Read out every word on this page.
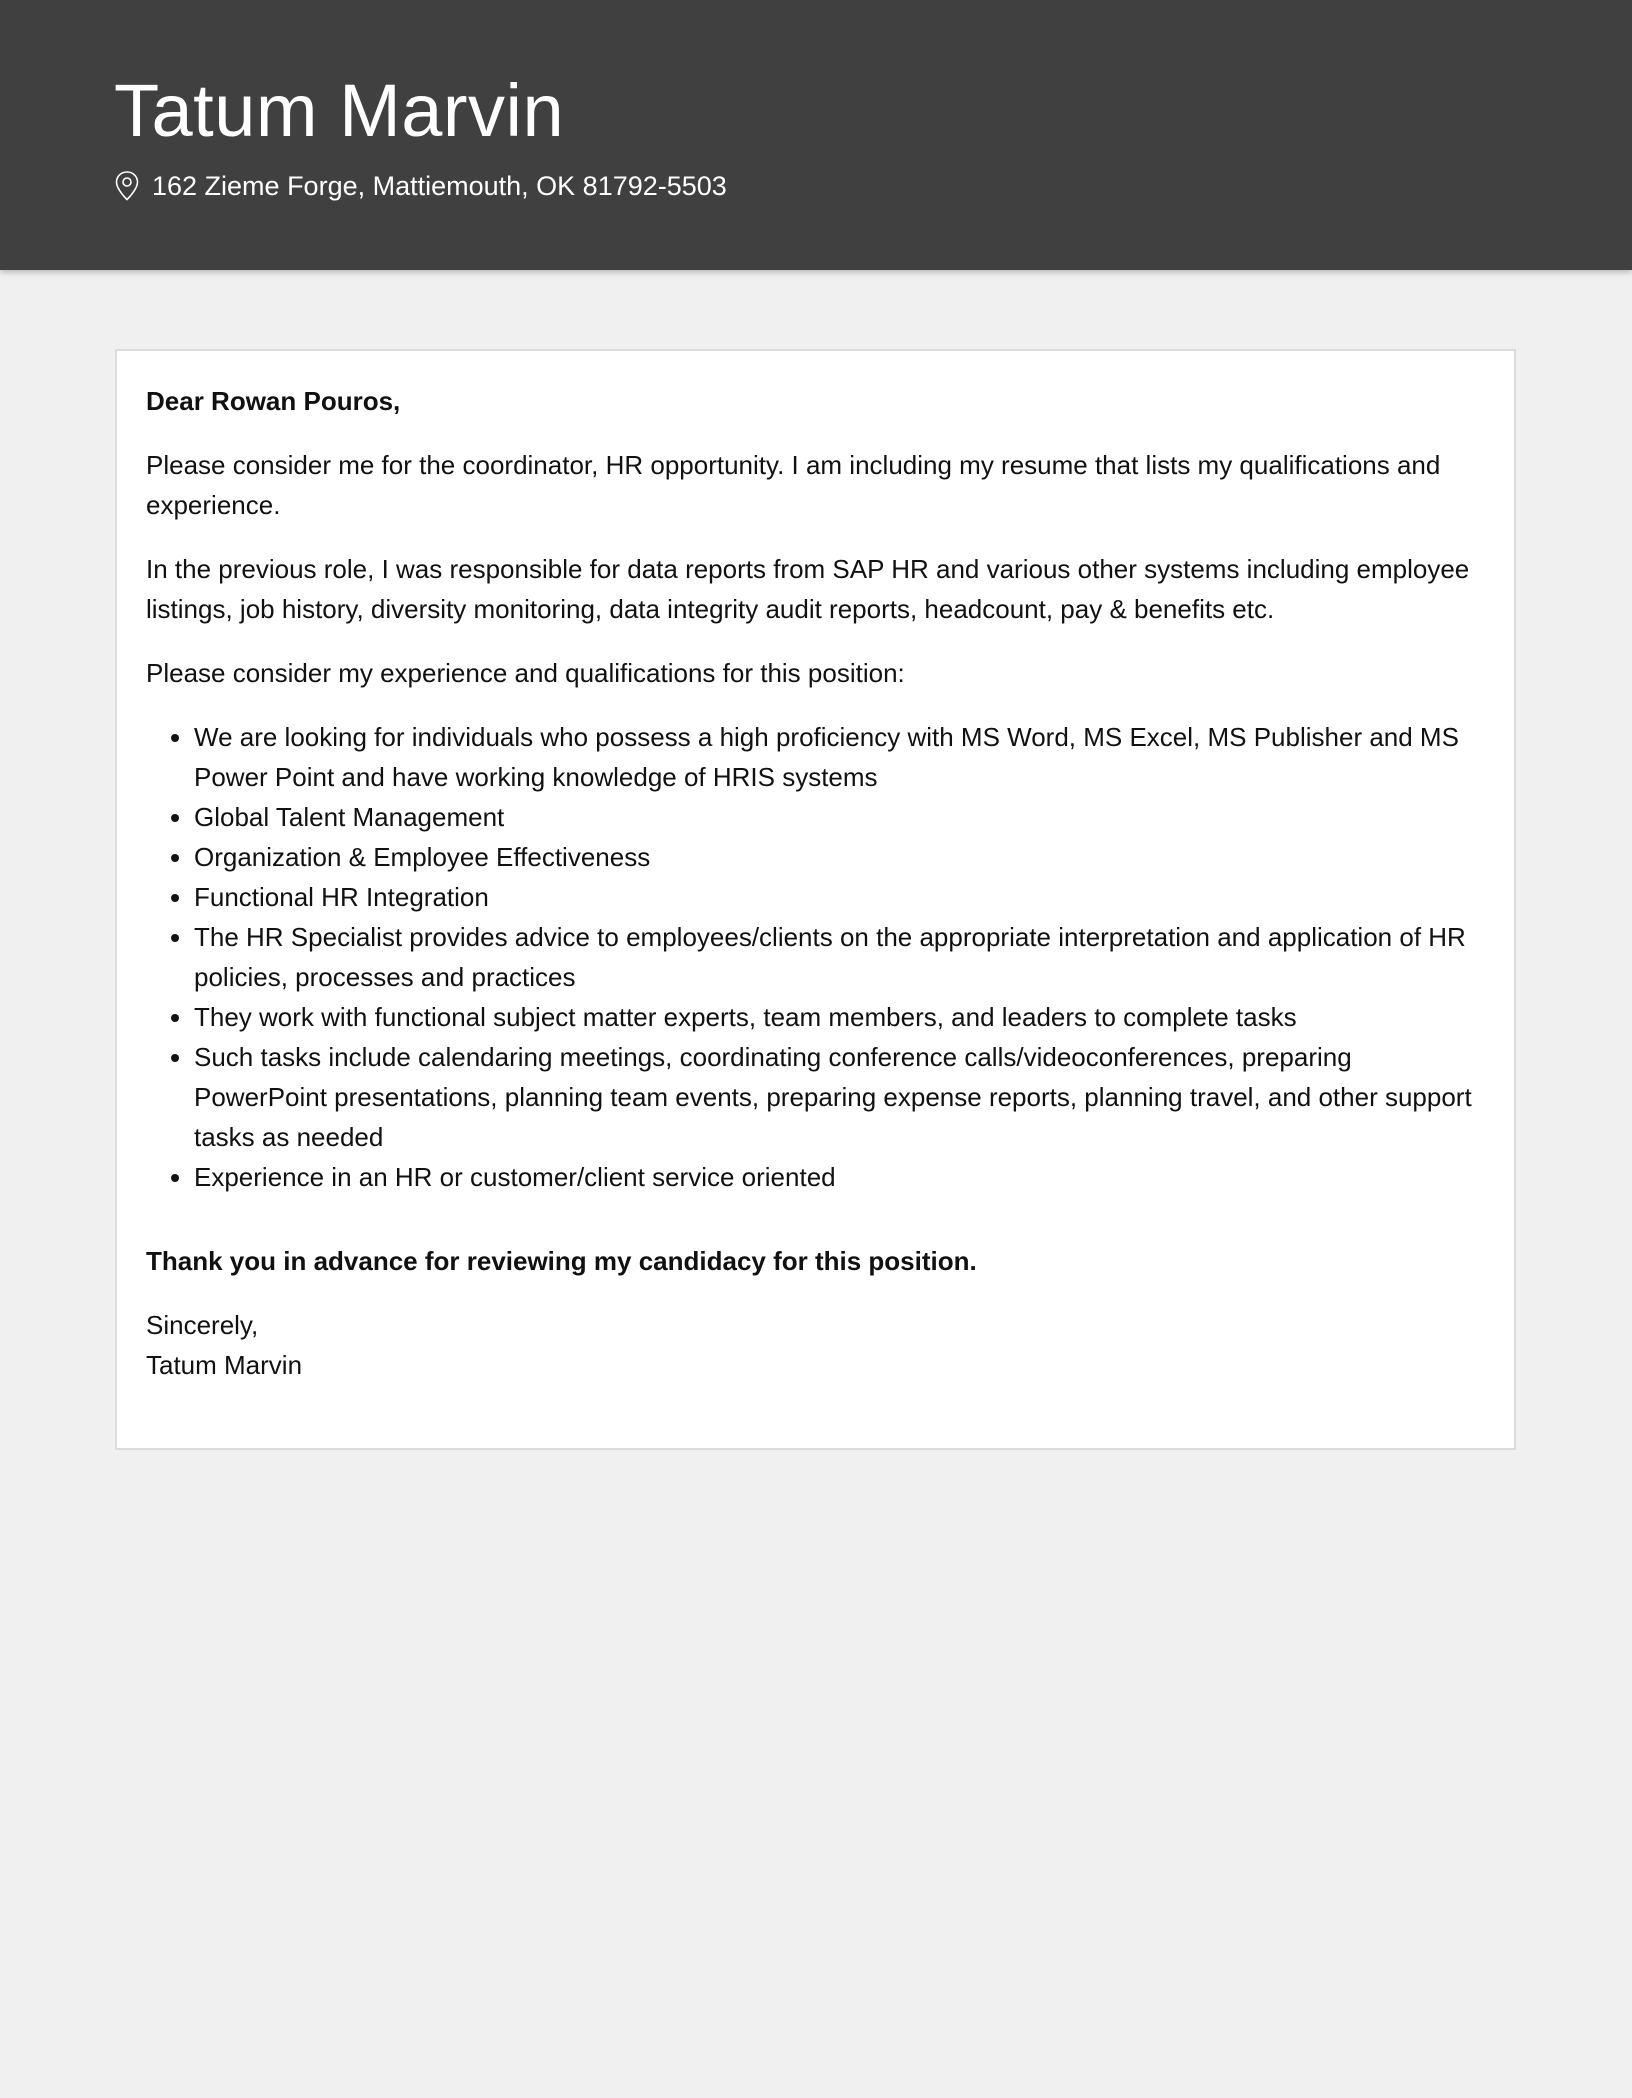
Tatum Marvin
162 Zieme Forge, Mattiemouth, OK 81792-5503

Dear Rowan Pouros,

Please consider me for the coordinator, HR opportunity. I am including my resume that lists my qualifications and experience.

In the previous role, I was responsible for data reports from SAP HR and various other systems including employee listings, job history, diversity monitoring, data integrity audit reports, headcount, pay & benefits etc.

Please consider my experience and qualifications for this position:

• We are looking for individuals who possess a high proficiency with MS Word, MS Excel, MS Publisher and MS Power Point and have working knowledge of HRIS systems
• Global Talent Management
• Organization & Employee Effectiveness
• Functional HR Integration
• The HR Specialist provides advice to employees/clients on the appropriate interpretation and application of HR policies, processes and practices
• They work with functional subject matter experts, team members, and leaders to complete tasks
• Such tasks include calendaring meetings, coordinating conference calls/videoconferences, preparing PowerPoint presentations, planning team events, preparing expense reports, planning travel, and other support tasks as needed
• Experience in an HR or customer/client service oriented

Thank you in advance for reviewing my candidacy for this position.

Sincerely,
Tatum Marvin
